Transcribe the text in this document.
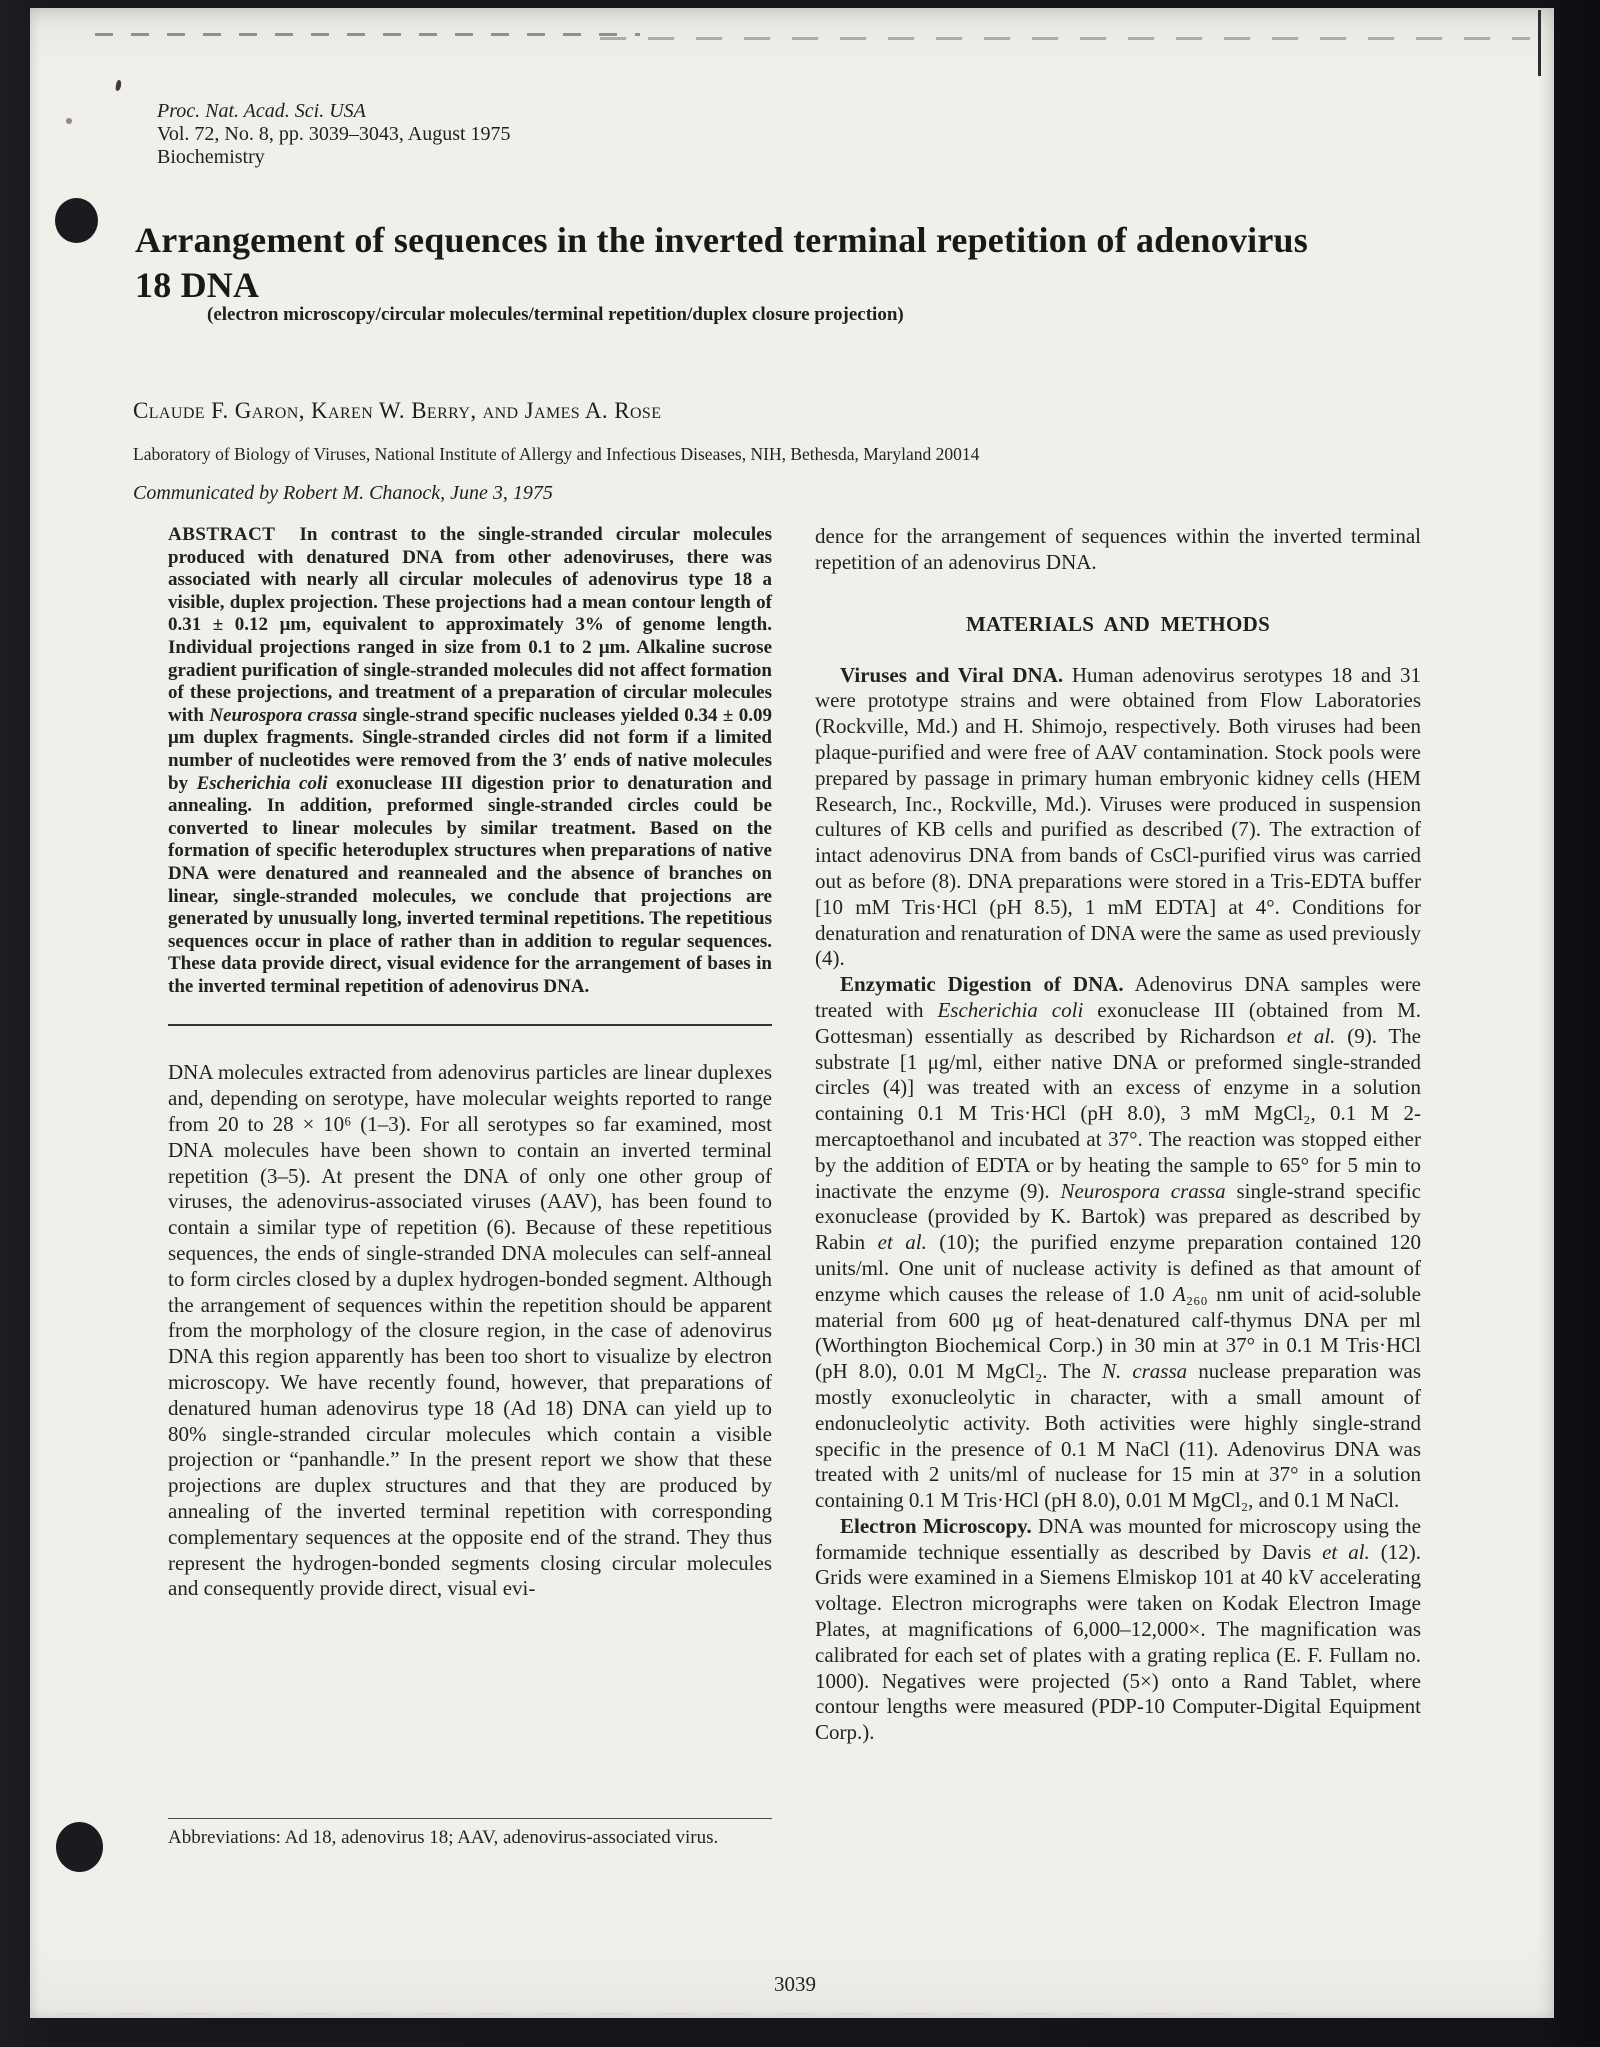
Proc. Nat. Acad. Sci. USA
Vol. 72, No. 8, pp. 3039–3043, August 1975
Biochemistry
Arrangement of sequences in the inverted terminal repetition of adenovirus 18 DNA
(electron microscopy/circular molecules/terminal repetition/duplex closure projection)
Claude F. Garon, Karen W. Berry, and James A. Rose
Laboratory of Biology of Viruses, National Institute of Allergy and Infectious Diseases, NIH, Bethesda, Maryland 20014
Communicated by Robert M. Chanock, June 3, 1975

ABSTRACT In contrast to the single-stranded circular molecules produced with denatured DNA from other adenoviruses, there was associated with nearly all circular molecules of adenovirus type 18 a visible, duplex projection. These projections had a mean contour length of 0.31 ± 0.12 μm, equivalent to approximately 3% of genome length. Individual projections ranged in size from 0.1 to 2 μm. Alkaline sucrose gradient purification of single-stranded molecules did not affect formation of these projections, and treatment of a preparation of circular molecules with Neurospora crassa single-strand specific nucleases yielded 0.34 ± 0.09 μm duplex fragments. Single-stranded circles did not form if a limited number of nucleotides were removed from the 3′ ends of native molecules by Escherichia coli exonuclease III digestion prior to denaturation and annealing. In addition, preformed single-stranded circles could be converted to linear molecules by similar treatment. Based on the formation of specific heteroduplex structures when preparations of native DNA were denatured and reannealed and the absence of branches on linear, single-stranded molecules, we conclude that projections are generated by unusually long, inverted terminal repetitions. The repetitious sequences occur in place of rather than in addition to regular sequences. These data provide direct, visual evidence for the arrangement of bases in the inverted terminal repetition of adenovirus DNA.

DNA molecules extracted from adenovirus particles are linear duplexes and, depending on serotype, have molecular weights reported to range from 20 to 28 × 10⁶ (1–3). For all serotypes so far examined, most DNA molecules have been shown to contain an inverted terminal repetition (3–5). At present the DNA of only one other group of viruses, the adenovirus-associated viruses (AAV), has been found to contain a similar type of repetition (6). Because of these repetitious sequences, the ends of single-stranded DNA molecules can self-anneal to form circles closed by a duplex hydrogen-bonded segment. Although the arrangement of sequences within the repetition should be apparent from the morphology of the closure region, in the case of adenovirus DNA this region apparently has been too short to visualize by electron microscopy. We have recently found, however, that preparations of denatured human adenovirus type 18 (Ad 18) DNA can yield up to 80% single-stranded circular molecules which contain a visible projection or “panhandle.” In the present report we show that these projections are duplex structures and that they are produced by annealing of the inverted terminal repetition with corresponding complementary sequences at the opposite end of the strand. They thus represent the hydrogen-bonded segments closing circular molecules and consequently provide direct, visual evi-

dence for the arrangement of sequences within the inverted terminal repetition of an adenovirus DNA.

MATERIALS AND METHODS

Viruses and Viral DNA. Human adenovirus serotypes 18 and 31 were prototype strains and were obtained from Flow Laboratories (Rockville, Md.) and H. Shimojo, respectively. Both viruses had been plaque-purified and were free of AAV contamination. Stock pools were prepared by passage in primary human embryonic kidney cells (HEM Research, Inc., Rockville, Md.). Viruses were produced in suspension cultures of KB cells and purified as described (7). The extraction of intact adenovirus DNA from bands of CsCl-purified virus was carried out as before (8). DNA preparations were stored in a Tris-EDTA buffer [10 mM Tris·HCl (pH 8.5), 1 mM EDTA] at 4°. Conditions for denaturation and renaturation of DNA were the same as used previously (4).

Enzymatic Digestion of DNA. Adenovirus DNA samples were treated with Escherichia coli exonuclease III (obtained from M. Gottesman) essentially as described by Richardson et al. (9). The substrate [1 μg/ml, either native DNA or preformed single-stranded circles (4)] was treated with an excess of enzyme in a solution containing 0.1 M Tris·HCl (pH 8.0), 3 mM MgCl₂, 0.1 M 2-mercaptoethanol and incubated at 37°. The reaction was stopped either by the addition of EDTA or by heating the sample to 65° for 5 min to inactivate the enzyme (9). Neurospora crassa single-strand specific exonuclease (provided by K. Bartok) was prepared as described by Rabin et al. (10); the purified enzyme preparation contained 120 units/ml. One unit of nuclease activity is defined as that amount of enzyme which causes the release of 1.0 A₂₆₀ nm unit of acid-soluble material from 600 μg of heat-denatured calf-thymus DNA per ml (Worthington Biochemical Corp.) in 30 min at 37° in 0.1 M Tris·HCl (pH 8.0), 0.01 M MgCl₂. The N. crassa nuclease preparation was mostly exonucleolytic in character, with a small amount of endonucleolytic activity. Both activities were highly single-strand specific in the presence of 0.1 M NaCl (11). Adenovirus DNA was treated with 2 units/ml of nuclease for 15 min at 37° in a solution containing 0.1 M Tris·HCl (pH 8.0), 0.01 M MgCl₂, and 0.1 M NaCl.

Electron Microscopy. DNA was mounted for microscopy using the formamide technique essentially as described by Davis et al. (12). Grids were examined in a Siemens Elmiskop 101 at 40 kV accelerating voltage. Electron micrographs were taken on Kodak Electron Image Plates, at magnifications of 6,000–12,000×. The magnification was calibrated for each set of plates with a grating replica (E. F. Fullam no. 1000). Negatives were projected (5×) onto a Rand Tablet, where contour lengths were measured (PDP-10 Computer-Digital Equipment Corp.).

Abbreviations: Ad 18, adenovirus 18; AAV, adenovirus-associated virus.

3039
